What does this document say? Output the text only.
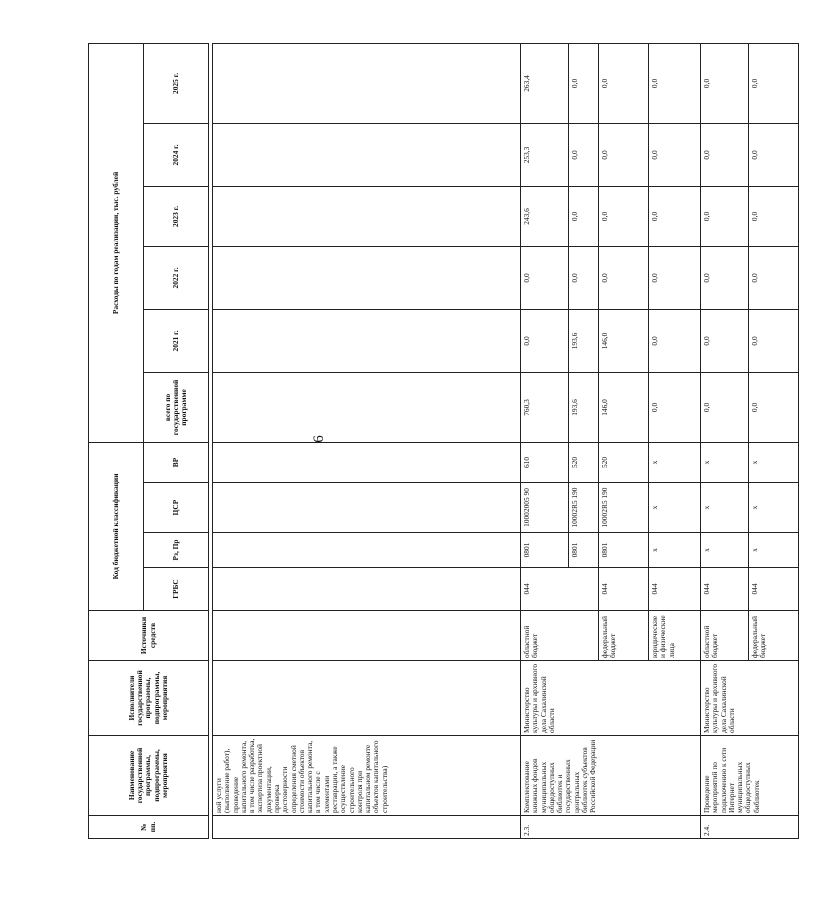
6
№ пп.	Наименование государственной программы, подпрограммы, мероприятия	Исполнители государственной программы, подпрограммы, мероприятия	Источники средств	Код бюджетной классификации				Расходы по годам реализации, тыс. рублей					
				ГРБС	Рз, Пр	ЦСР	ВР	всего по государственной программе	2021 г.	2022 г.	2023 г.	2024 г.	2025 г.

	ной услуги (выполнение работ), проведение капитального ремонта, в том числе разработка, экспертиза проектной документации, проверка достоверности определения сметной стоимости объектов капитального ремонта, в том числе с элементами реставрации, а также осуществление строительного контроля при капитальном ремонте объектов капитального строительства)												
2.3.	Комплектование книжных фондов муниципальных общедоступных библиотек и государственных центральных библиотек субъектов Российской Федерации	Министерство культуры и архивного дела Сахалинской области	областной бюджет	044	0801	10002005 90	610	760,3	0,0	0,0	243,6	253,3	263,4
					0801	10002R5 190	520	193,6	193,6	0,0	0,0	0,0	0,0
			федеральный бюджет	044	0801	10002R5 190	520	146,0	146,0	0,0	0,0	0,0	0,0
			юридические и физические лица	044	x	x	x	0,0	0,0	0,0	0,0	0,0	0,0
2.4.	Проведение мероприятий по подключению к сети Интернет муниципальных общедоступных библиотек	Министерство культуры и архивного дела Сахалинской области	областной бюджет	044	x	x	x	0,0	0,0	0,0	0,0	0,0	0,0
			федеральный бюджет	044	x	x	x	0,0	0,0	0,0	0,0	0,0	0,0
